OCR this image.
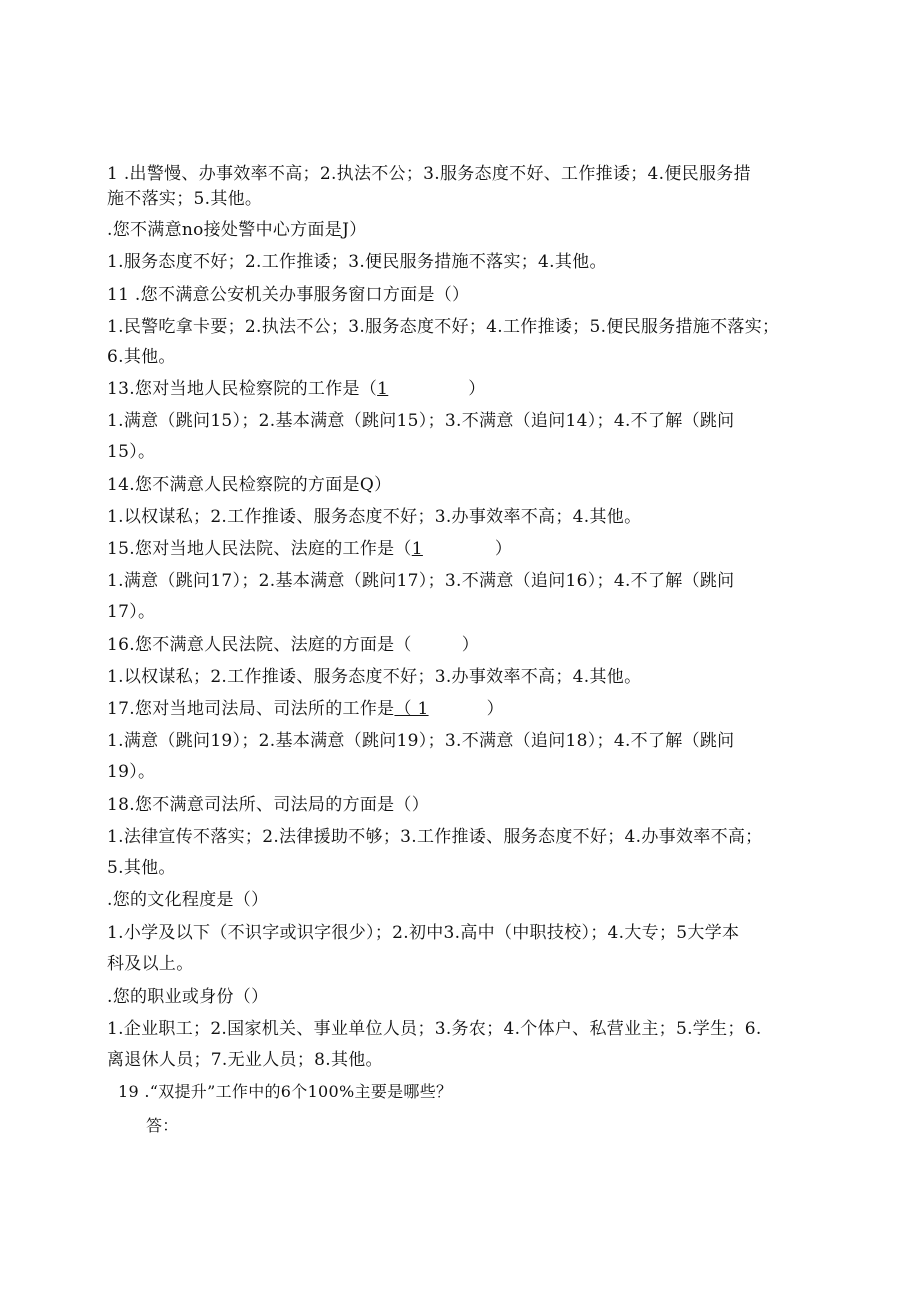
1 .出警慢、办事效率不高；2.执法不公；3.服务态度不好、工作推诿；4.便民服务措
施不落实；5.其他。
.您不满意no接处警中心方面是J）
1.服务态度不好；2.工作推诿；3.便民服务措施不落实；4.其他。
11 .您不满意公安机关办事服务窗口方面是（）
1.民警吃拿卡要；2.执法不公；3.服务态度不好；4.工作推诿；5.便民服务措施不落实；
6.其他。
13.您对当地人民检察院的工作是（1	）
1.满意（跳问15）；2.基本满意（跳问15）；3.不满意（追问14）；4.不了解（跳问
15）。
14.您不满意人民检察院的方面是Q）
1.以权谋私；2.工作推诿、服务态度不好；3.办事效率不高；4.其他。
15.您对当地人民法院、法庭的工作是（1	）
1.满意（跳问17）；2.基本满意（跳问17）；3.不满意（追问16）；4.不了解（跳问
17）。
16.您不满意人民法院、法庭的方面是（	）
1.以权谋私；2.工作推诿、服务态度不好；3.办事效率不高；4.其他。
17.您对当地司法局、司法所的工作是（ 1	）
1.满意（跳问19）；2.基本满意（跳问19）；3.不满意（追问18）；4.不了解（跳问
19）。
18.您不满意司法所、司法局的方面是（）
1.法律宣传不落实；2.法律援助不够；3.工作推诿、服务态度不好；4.办事效率不高；
5.其他。
.您的文化程度是（）
1.小学及以下（不识字或识字很少）；2.初中3.高中（中职技校）；4.大专；5大学本
科及以上。
.您的职业或身份（）
1.企业职工；2.国家机关、事业单位人员；3.务农；4.个体户、私营业主；5.学生；6.
离退休人员；7.无业人员；8.其他。
19 .“双提升”工作中的6个100%主要是哪些？
答：
